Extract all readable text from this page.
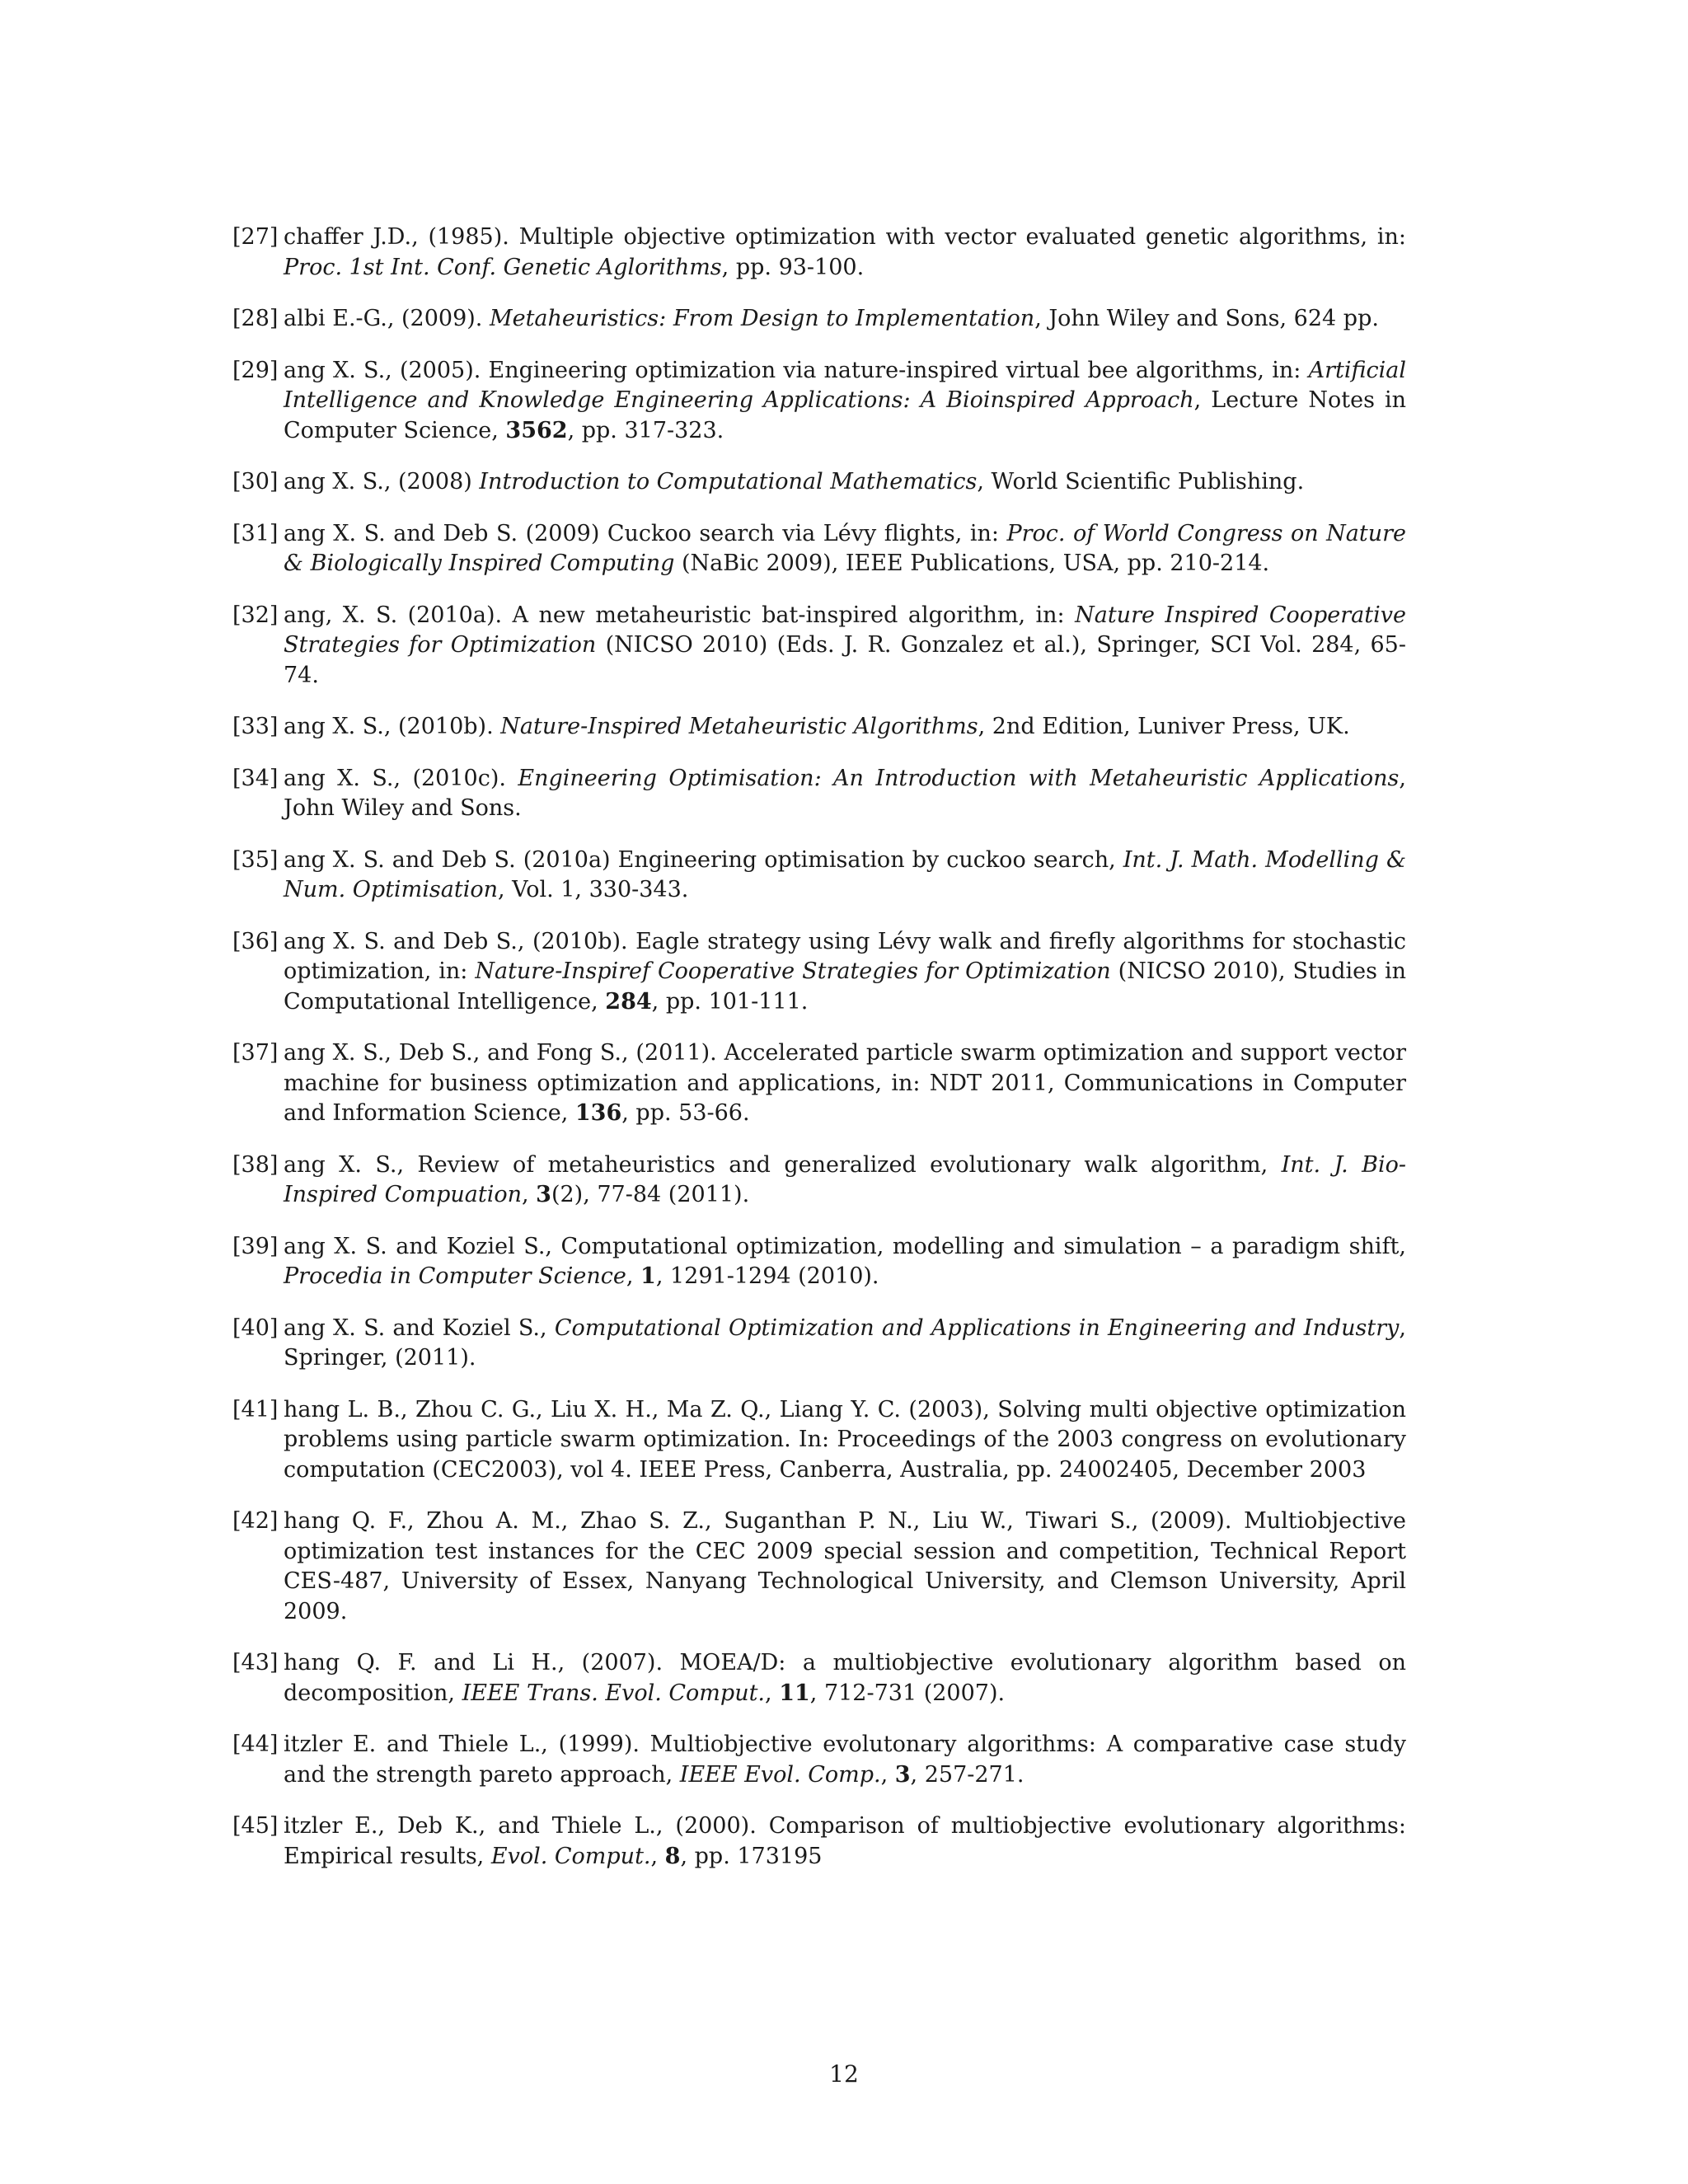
[27] chaffer J.D., (1985). Multiple objective optimization with vector evaluated genetic algorithms, in: Proc. 1st Int. Conf. Genetic Aglorithms, pp. 93-100.
[28] albi E.-G., (2009). Metaheuristics: From Design to Implementation, John Wiley and Sons, 624 pp.
[29] ang X. S., (2005). Engineering optimization via nature-inspired virtual bee algorithms, in: Artificial Intelligence and Knowledge Engineering Applications: A Bioinspired Approach, Lecture Notes in Computer Science, 3562, pp. 317-323.
[30] ang X. S., (2008) Introduction to Computational Mathematics, World Scientific Publishing.
[31] ang X. S. and Deb S. (2009) Cuckoo search via Lévy flights, in: Proc. of World Congress on Nature & Biologically Inspired Computing (NaBic 2009), IEEE Publications, USA, pp. 210-214.
[32] ang, X. S. (2010a). A new metaheuristic bat-inspired algorithm, in: Nature Inspired Cooperative Strategies for Optimization (NICSO 2010) (Eds. J. R. Gonzalez et al.), Springer, SCI Vol. 284, 65-74.
[33] ang X. S., (2010b). Nature-Inspired Metaheuristic Algorithms, 2nd Edition, Luniver Press, UK.
[34] ang X. S., (2010c). Engineering Optimisation: An Introduction with Metaheuristic Applications, John Wiley and Sons.
[35] ang X. S. and Deb S. (2010a) Engineering optimisation by cuckoo search, Int. J. Math. Modelling & Num. Optimisation, Vol. 1, 330-343.
[36] ang X. S. and Deb S., (2010b). Eagle strategy using Lévy walk and firefly algorithms for stochastic optimization, in: Nature-Inspiref Cooperative Strategies for Optimization (NICSO 2010), Studies in Computational Intelligence, 284, pp. 101-111.
[37] ang X. S., Deb S., and Fong S., (2011). Accelerated particle swarm optimization and support vector machine for business optimization and applications, in: NDT 2011, Communications in Computer and Information Science, 136, pp. 53-66.
[38] ang X. S., Review of metaheuristics and generalized evolutionary walk algorithm, Int. J. Bio-Inspired Compuation, 3(2), 77-84 (2011).
[39] ang X. S. and Koziel S., Computational optimization, modelling and simulation – a paradigm shift, Procedia in Computer Science, 1, 1291-1294 (2010).
[40] ang X. S. and Koziel S., Computational Optimization and Applications in Engineering and Industry, Springer, (2011).
[41] hang L. B., Zhou C. G., Liu X. H., Ma Z. Q., Liang Y. C. (2003), Solving multi objective optimization problems using particle swarm optimization. In: Proceedings of the 2003 congress on evolutionary computation (CEC2003), vol 4. IEEE Press, Canberra, Australia, pp. 24002405, December 2003
[42] hang Q. F., Zhou A. M., Zhao S. Z., Suganthan P. N., Liu W., Tiwari S., (2009). Multiobjective optimization test instances for the CEC 2009 special session and competition, Technical Report CES-487, University of Essex, Nanyang Technological University, and Clemson University, April 2009.
[43] hang Q. F. and Li H., (2007). MOEA/D: a multiobjective evolutionary algorithm based on decomposition, IEEE Trans. Evol. Comput., 11, 712-731 (2007).
[44] itzler E. and Thiele L., (1999). Multiobjective evolutonary algorithms: A comparative case study and the strength pareto approach, IEEE Evol. Comp., 3, 257-271.
[45] itzler E., Deb K., and Thiele L., (2000). Comparison of multiobjective evolutionary algorithms: Empirical results, Evol. Comput., 8, pp. 173195
12
